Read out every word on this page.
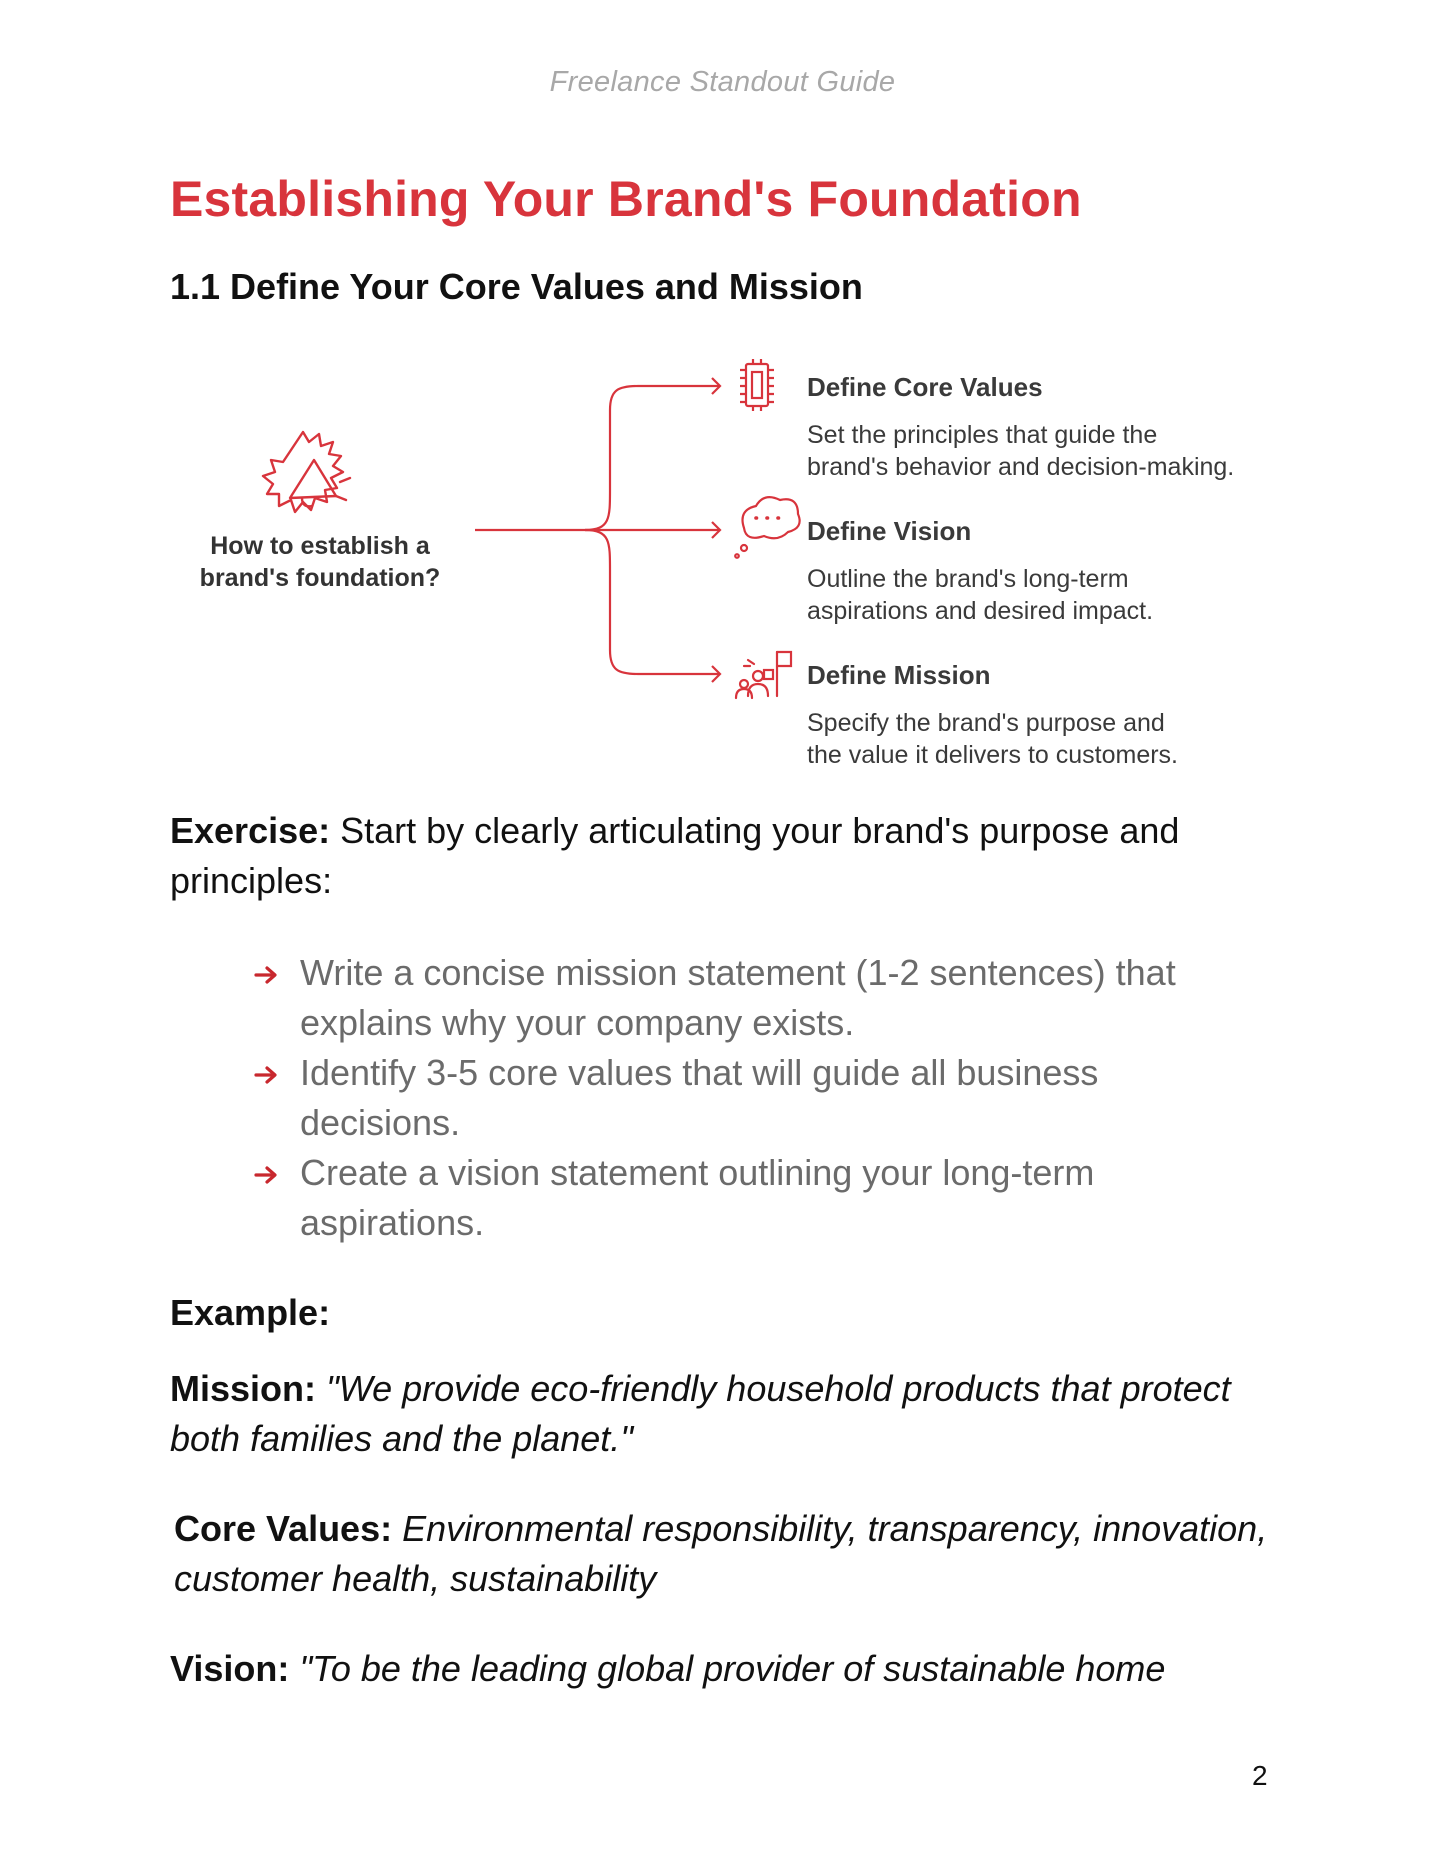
Freelance Standout Guide
Establishing Your Brand's Foundation
1.1 Define Your Core Values and Mission
How to establish a
brand's foundation?

Define Core Values

Set the principles that guide the
brand's behavior and decision-making.

Define Vision

Outline the brand's long-term
aspirations and desired impact.

Define Mission

Specify the brand's purpose and
the value it delivers to customers.

Exercise: Start by clearly articulating your brand's purpose and principles:

Write a concise mission statement (1-2 sentences) that explains why your company exists.
Identify 3-5 core values that will guide all business decisions.
Create a vision statement outlining your long-term aspirations.
Example:

Mission: "We provide eco-friendly household products that protect both families and the planet."

Core Values: Environmental responsibility, transparency, innovation, customer health, sustainability

Vision: "To be the leading global provider of sustainable home

2
